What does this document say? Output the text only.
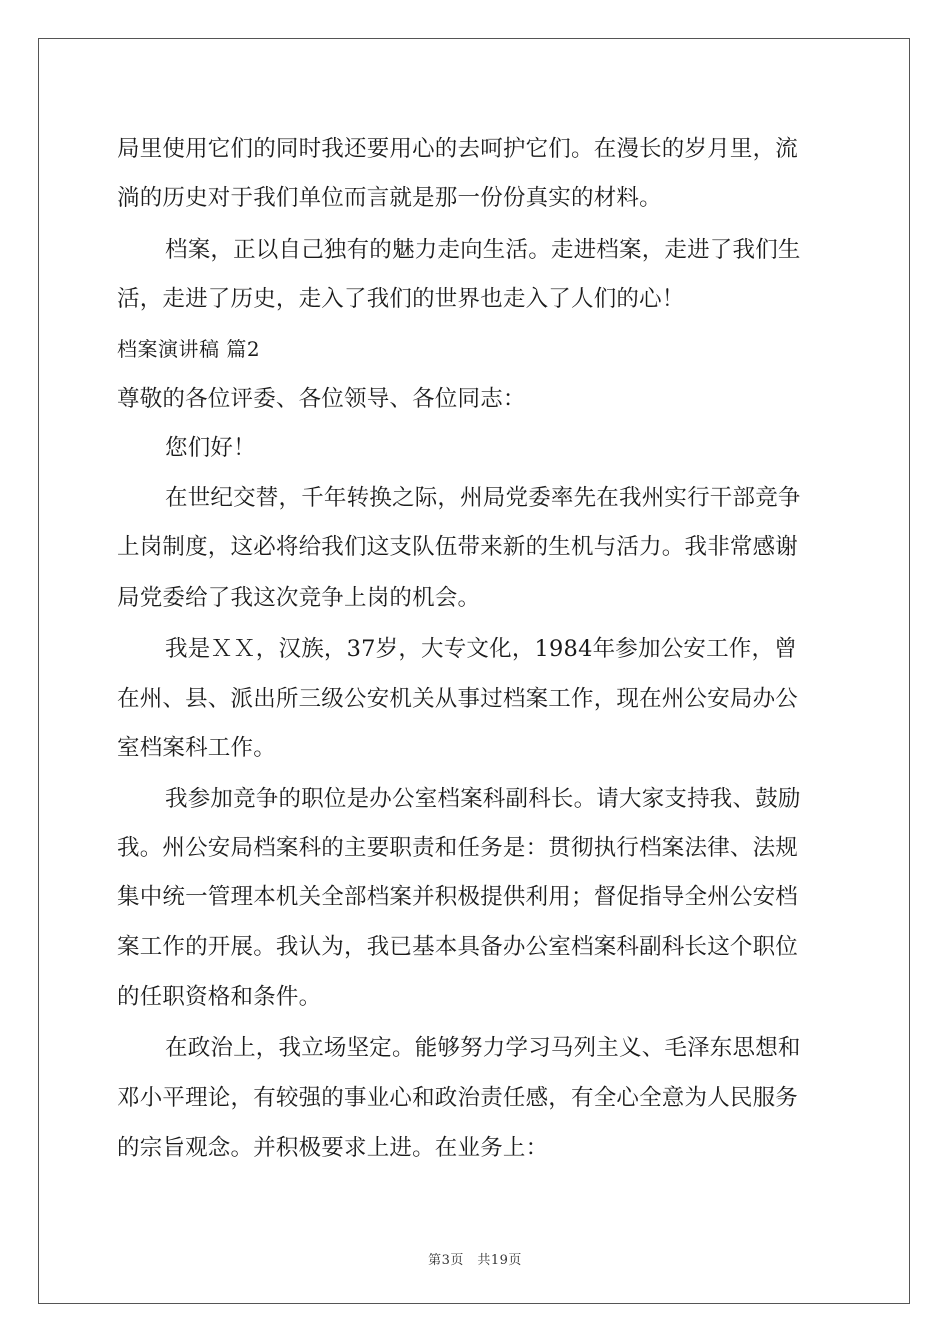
局里使用它们的同时我还要用心的去呵护它们。在漫长的岁月里，流
淌的历史对于我们单位而言就是那一份份真实的材料。
档案，正以自己独有的魅力走向生活。走进档案，走进了我们生
活，走进了历史，走入了我们的世界也走入了人们的心！
档案演讲稿 篇2
尊敬的各位评委、各位领导、各位同志：
您们好！
在世纪交替，千年转换之际，州局党委率先在我州实行干部竞争
上岗制度，这必将给我们这支队伍带来新的生机与活力。我非常感谢
局党委给了我这次竞争上岗的机会。
我是ＸＸ，汉族，37岁，大专文化，1984年参加公安工作，曾
在州、县、派出所三级公安机关从事过档案工作，现在州公安局办公
室档案科工作。
我参加竞争的职位是办公室档案科副科长。请大家支持我、鼓励
我。州公安局档案科的主要职责和任务是：贯彻执行档案法律、法规
集中统一管理本机关全部档案并积极提供利用；督促指导全州公安档
案工作的开展。我认为，我已基本具备办公室档案科副科长这个职位
的任职资格和条件。
在政治上，我立场坚定。能够努力学习马列主义、毛泽东思想和
邓小平理论，有较强的事业心和政治责任感，有全心全意为人民服务
的宗旨观念。并积极要求上进。在业务上：
第3页　共19页
